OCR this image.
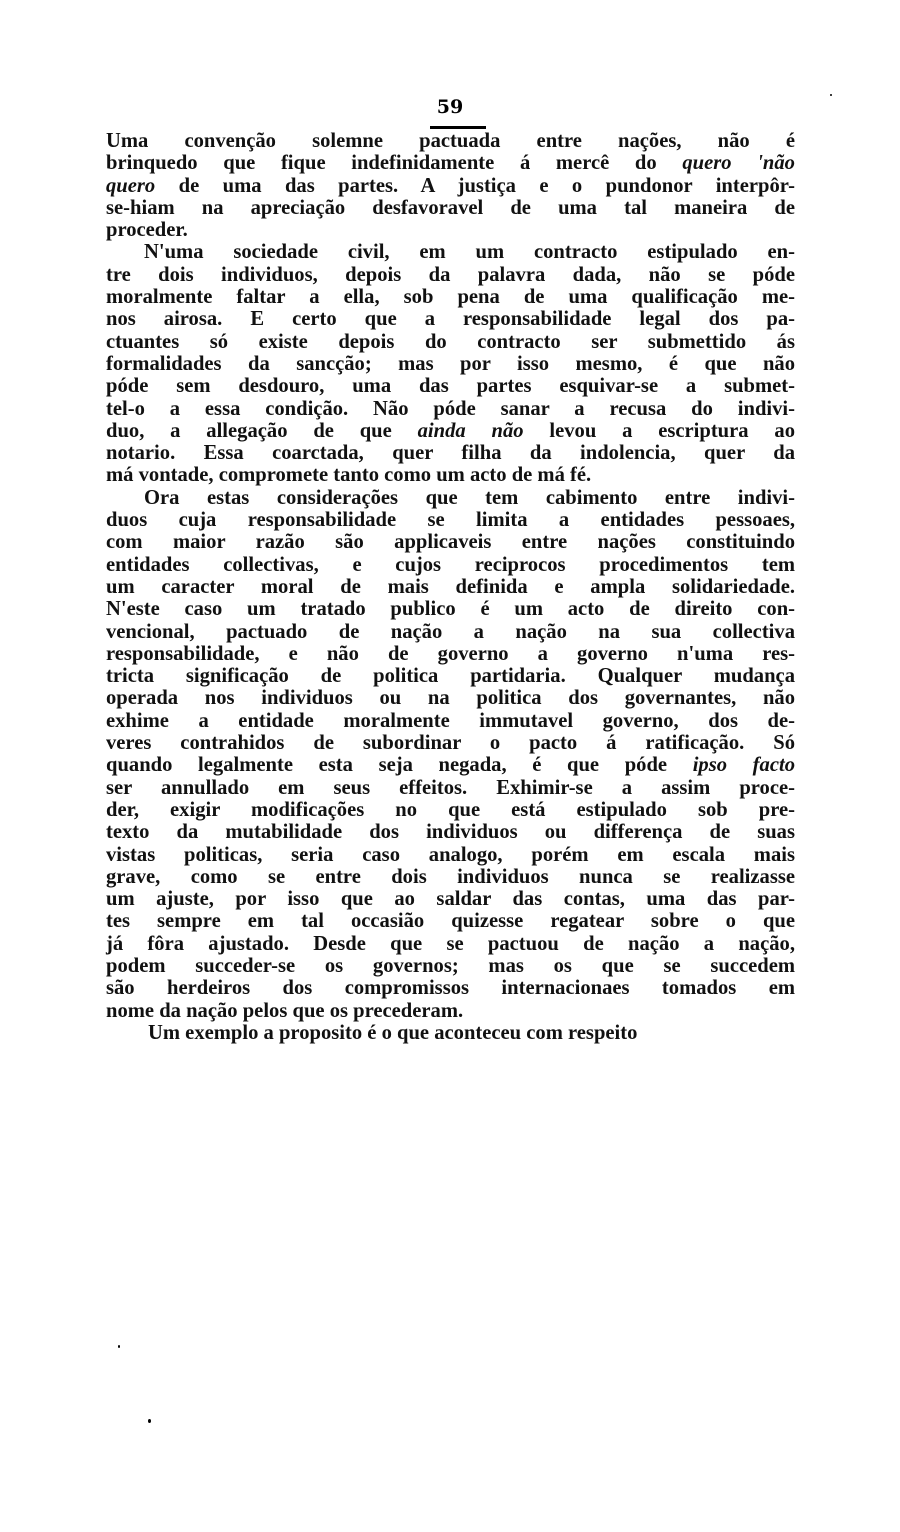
59
Uma convenção solemne pactuada entre nações, não é
brinquedo que fique indefinidamente á mercê do quero 'não
quero de uma das partes. A justiça e o pundonor interpôr-
se-hiam na apreciação desfavoravel de uma tal maneira de
proceder.
N'uma sociedade civil, em um contracto estipulado en-
tre dois individuos, depois da palavra dada, não se póde
moralmente faltar a ella, sob pena de uma qualificação me-
nos airosa. E certo que a responsabilidade legal dos pa-
ctuantes só existe depois do contracto ser submettido ás
formalidades da sancção; mas por isso mesmo, é que não
póde sem desdouro, uma das partes esquivar-se a submet-
tel-o a essa condição. Não póde sanar a recusa do indivi-
duo, a allegação de que ainda não levou a escriptura ao
notario. Essa coarctada, quer filha da indolencia, quer da
má vontade, compromete tanto como um acto de má fé.
Ora estas considerações que tem cabimento entre indivi-
duos cuja responsabilidade se limita a entidades pessoaes,
com maior razão são applicaveis entre nações constituindo
entidades collectivas, e cujos reciprocos procedimentos tem
um caracter moral de mais definida e ampla solidariedade.
N'este caso um tratado publico é um acto de direito con-
vencional, pactuado de nação a nação na sua collectiva
responsabilidade, e não de governo a governo n'uma res-
tricta significação de politica partidaria. Qualquer mudança
operada nos individuos ou na politica dos governantes, não
exhime a entidade moralmente immutavel governo, dos de-
veres contrahidos de subordinar o pacto á ratificação. Só
quando legalmente esta seja negada, é que póde ipso facto
ser annullado em seus effeitos. Exhimir-se a assim proce-
der, exigir modificações no que está estipulado sob pre-
texto da mutabilidade dos individuos ou differença de suas
vistas politicas, seria caso analogo, porém em escala mais
grave, como se entre dois individuos nunca se realizasse
um ajuste, por isso que ao saldar das contas, uma das par-
tes sempre em tal occasião quizesse regatear sobre o que
já fôra ajustado. Desde que se pactuou de nação a nação,
podem succeder-se os governos; mas os que se succedem
são herdeiros dos compromissos internacionaes tomados em
nome da nação pelos que os precederam.
Um exemplo a proposito é o que aconteceu com respeito
